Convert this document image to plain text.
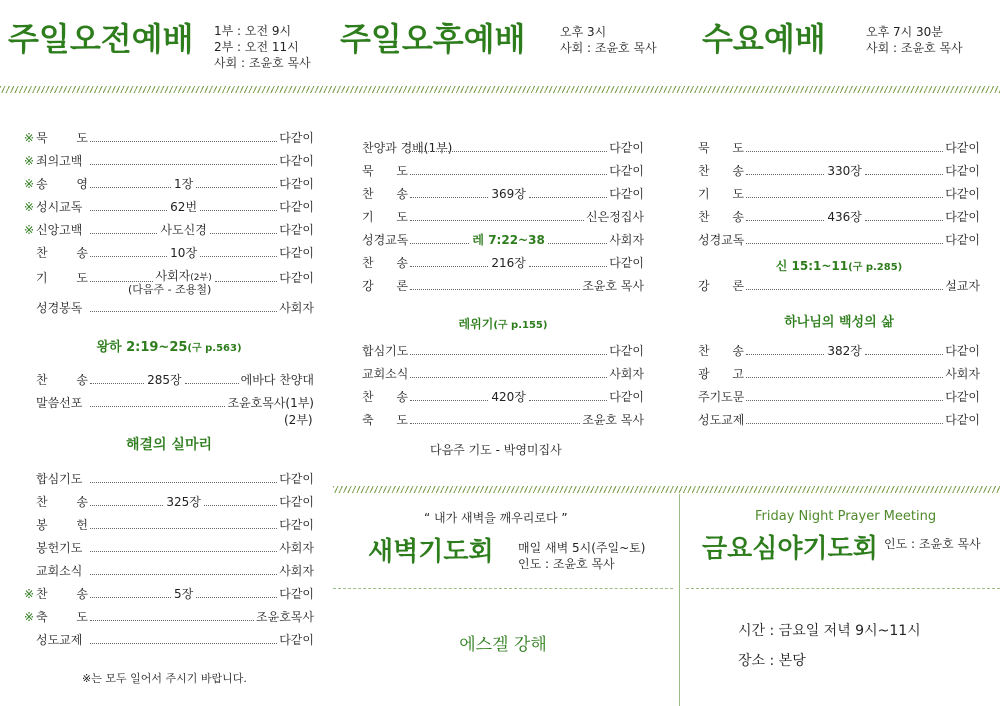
주일오전예배 1부 : 오전 9시
2부 : 오전 11시
사회 : 조윤호 목사
주일오후예배	오후 3시
사회 : 조윤호 목사 수요예배	오후 7시 30분
사회 : 조윤호 목사
※ 묵 도	다같이
※ 죄의고백	다같이
※ 송 영	1장	다같이
※ 성시교독	62번	다같이
※ 신앙고백	사도신경	다같이
찬 송	10장	다같이
기 도	사회자(2부)	다같이
(다음주 - 조용철)
성경봉독	사회자
왕하 2:19~25(구 p.563)
찬 송	285장	에바다 찬양대
말씀선포	조윤호목사(1부)
(2부)
해결의 실마리
합심기도	다같이
찬 송	325장	다같이
봉 헌	다같이
봉헌기도	사회자
교회소식	사회자
※ 찬 송	5장	다같이
※ 축 도	조윤호목사
성도교제	다같이
※는 모두 일어서 주시기 바랍니다.
찬양과 경배(1부)	다같이
묵 도	다같이
찬 송	369장	다같이
기 도	신은정집사
성경교독	레 7:22~38	사회자
찬 송	216장	다같이
강 론	조윤호 목사
레위기(구 p.155)
합심기도	다같이
교회소식	사회자
찬 송	420장	다같이
축 도	조윤호 목사
다음주 기도 - 박영미집사
묵 도	다같이
찬 송	330장	다같이
기 도	다같이
찬 송	436장	다같이
성경교독	다같이
신 15:1~11(구 p.285)
강 론	설교자
하나님의 백성의 삶
찬 송	382장	다같이
광 고	사회자
주기도문	다같이
성도교제	다같이
“ 내가 새벽을 깨우리로다 ”
새벽기도회 매일 새벽 5시(주일~토)
인도 : 조윤호 목사
에스겔 강해
Friday Night Prayer Meeting
금요심야기도회 인도 : 조윤호 목사
시간 : 금요일 저녁 9시~11시
장소 : 본당
